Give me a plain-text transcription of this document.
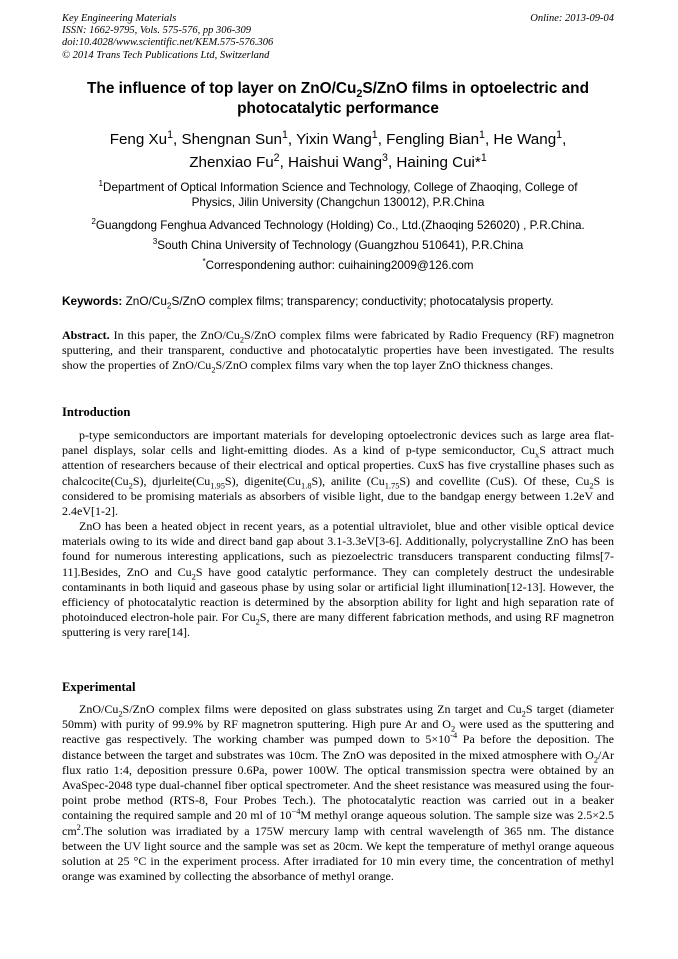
Key Engineering Materials
ISSN: 1662-9795, Vols. 575-576, pp 306-309
doi:10.4028/www.scientific.net/KEM.575-576.306
© 2014 Trans Tech Publications Ltd, Switzerland
Online: 2013-09-04
The influence of top layer on ZnO/$Cu_2S$/ZnO films in optoelectric and
photocatalytic performance
Feng Xu$^1$, Shengnan Sun$^1$, Yixin Wang$^1$, Fengling Bian$^1$, He Wang$^1$,
Zhenxiao Fu$^2$, Haishui Wang$^3$, Haining Cui*$^1$
$^1$Department of Optical Information Science and Technology, College of Zhaoqing, College of
Physics, Jilin University (Changchun 130012), P.R.China
$^2$Guangdong Fenghua Advanced Technology (Holding) Co., Ltd.(Zhaoqing 526020) , P.R.China.
$^3$South China University of Technology (Guangzhou 510641), P.R.China
*Correspondening author: cuihaining2009@126.com
Keywords: ZnO/$Cu_2S$/ZnO complex films; transparency; conductivity; photocatalysis property.
Abstract. In this paper, the ZnO/$Cu_2S$/ZnO complex films were fabricated by Radio Frequency (RF) magnetron sputtering, and their transparent, conductive and photocatalytic properties have been investigated. The results show the properties of ZnO/$Cu_2S$/ZnO complex films vary when the top layer ZnO thickness changes.
Introduction
p-type semiconductors are important materials for developing optoelectronic devices such as large area flat-panel displays, solar cells and light-emitting diodes. As a kind of p-type semiconductor, $Cu_xS$ attract much attention of researchers because of their electrical and optical properties. CuxS has five crystalline phases such as $chalcocite(Cu_2S)$, $djurleite(Cu_{1.95}S)$, $digenite(Cu_{1.8}S)$, anilite $(Cu_{1.75}S)$ and covellite (CuS). Of these, $Cu_2S$ is considered to be promising materials as absorbers of visible light, due to the bandgap energy between 1.2eV and 2.4eV[1-2].
ZnO has been a heated object in recent years, as a potential ultraviolet, blue and other visible optical device materials owing to its wide and direct band gap about 3.1-3.3eV[3-6]. Additionally, polycrystalline ZnO has been found for numerous interesting applications, such as piezoelectric transducers transparent conducting films[7-11].Besides, ZnO and $Cu_2S$ have good catalytic performance. They can completely destruct the undesirable contaminants in both liquid and gaseous phase by using solar or artificial light illumination[12-13]. However, the efficiency of photocatalytic reaction is determined by the absorption ability for light and high separation rate of photoinduced electron-hole pair. For $Cu_2S$, there are many different fabrication methods, and using RF magnetron sputtering is very rare[14].
Experimental
ZnO/$Cu_2S$/ZnO complex films were deposited on glass substrates using Zn target and $Cu_2S$ target (diameter 50mm) with purity of 99.9% by RF magnetron sputtering. High pure Ar and $O_2$ were used as the sputtering and reactive gas respectively. The working chamber was pumped down to $5\times 10^{-4}$ Pa before the deposition. The distance between the target and substrates was 10cm. The ZnO was deposited in the mixed atmosphere with $O_2/Ar$ flux ratio 1:4, deposition pressure 0.6Pa, power 100W. The optical transmission spectra were obtained by an AvaSpec-2048 type dual-channel fiber optical spectrometer. And the sheet resistance was measured using the four-point probe method (RTS-8, Four Probes Tech.). The photocatalytic reaction was carried out in a beaker containing the required sample and 20 ml of $10^{-4}M$ methyl orange aqueous solution. The sample size was 2.5×2.5 $cm^2.The$ solution was irradiated by a 175W mercury lamp with central wavelength of 365 nm. The distance between the UV light source and the sample was set as 20cm. We kept the temperature of methyl orange aqueous solution at 25 °C in the experiment process. After irradiated for 10 min every time, the concentration of methyl orange was examined by collecting the absorbance of methyl orange.
